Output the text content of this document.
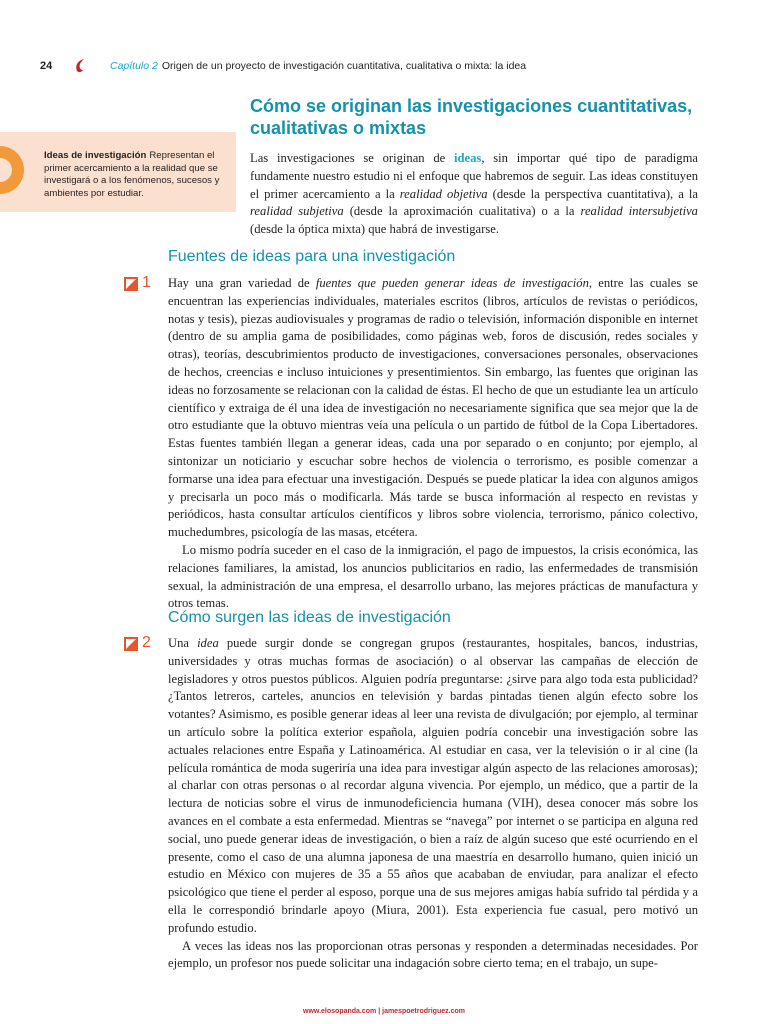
24	Capítulo 2 Origen de un proyecto de investigación cuantitativa, cualitativa o mixta: la idea
Cómo se originan las investigaciones cuantitativas, cualitativas o mixtas
Ideas de investigación Representan el primer acercamiento a la realidad que se investigará o a los fenómenos, sucesos y ambientes por estudiar.

Las investigaciones se originan de ideas, sin importar qué tipo de paradigma fundamente nuestro estudio ni el enfoque que habremos de seguir. Las ideas constituyen el primer acercamiento a la realidad objetiva (desde la perspectiva cuantitativa), a la realidad subjetiva (desde la aproximación cualitativa) o a la realidad intersubjetiva (desde la óptica mixta) que habrá de investigarse.

Fuentes de ideas para una investigación
1 Hay una gran variedad de fuentes que pueden generar ideas de investigación, entre las cuales se encuentran las experiencias individuales, materiales escritos (libros, artículos de revistas o periódicos, notas y tesis), piezas audiovisuales y programas de radio o televisión, información disponible en internet (dentro de su amplia gama de posibilidades, como páginas web, foros de discusión, redes sociales y otras), teorías, descubrimientos producto de investigaciones, conversaciones personales, observaciones de hechos, creencias e incluso intuiciones y presentimientos. Sin embargo, las fuentes que originan las ideas no forzosamente se relacionan con la calidad de éstas. El hecho de que un estudiante lea un artículo científico y extraiga de él una idea de investigación no necesariamente significa que sea mejor que la de otro estudiante que la obtuvo mientras veía una película o un partido de fútbol de la Copa Libertadores. Estas fuentes también llegan a generar ideas, cada una por separado o en conjunto; por ejemplo, al sintonizar un noticiario y escuchar sobre hechos de violencia o terrorismo, es posible comenzar a formarse una idea para efectuar una investigación. Después se puede platicar la idea con algunos amigos y precisarla un poco más o modificarla. Más tarde se busca información al respecto en revistas y periódicos, hasta consultar artículos científicos y libros sobre violencia, terrorismo, pánico colectivo, muchedumbres, psicología de las masas, etcétera.

Lo mismo podría suceder en el caso de la inmigración, el pago de impuestos, la crisis económica, las relaciones familiares, la amistad, los anuncios publicitarios en radio, las enfermedades de transmisión sexual, la administración de una empresa, el desarrollo urbano, las mejores prácticas de manufactura y otros temas.

Cómo surgen las ideas de investigación
2 Una idea puede surgir donde se congregan grupos (restaurantes, hospitales, bancos, industrias, universidades y otras muchas formas de asociación) o al observar las campañas de elección de legisladores y otros puestos públicos. Alguien podría preguntarse: ¿sirve para algo toda esta publicidad? ¿Tantos letreros, carteles, anuncios en televisión y bardas pintadas tienen algún efecto sobre los votantes? Asimismo, es posible generar ideas al leer una revista de divulgación; por ejemplo, al terminar un artículo sobre la política exterior española, alguien podría concebir una investigación sobre las actuales relaciones entre España y Latinoamérica. Al estudiar en casa, ver la televisión o ir al cine (la película romántica de moda sugeriría una idea para investigar algún aspecto de las relaciones amorosas); al charlar con otras personas o al recordar alguna vivencia. Por ejemplo, un médico, que a partir de la lectura de noticias sobre el virus de inmunodeficiencia humana (VIH), desea conocer más sobre los avances en el combate a esta enfermedad. Mientras se “navega” por internet o se participa en alguna red social, uno puede generar ideas de investigación, o bien a raíz de algún suceso que esté ocurriendo en el presente, como el caso de una alumna japonesa de una maestría en desarrollo humano, quien inició un estudio en México con mujeres de 35 a 55 años que acababan de enviudar, para analizar el efecto psicológico que tiene el perder al esposo, porque una de sus mejores amigas había sufrido tal pérdida y a ella le correspondió brindarle apoyo (Miura, 2001). Esta experiencia fue casual, pero motivó un profundo estudio.

A veces las ideas nos las proporcionan otras personas y responden a determinadas necesidades. Por ejemplo, un profesor nos puede solicitar una indagación sobre cierto tema; en el trabajo, un supe-

www.elosopanda.com | jamespoetrodriguez.com
